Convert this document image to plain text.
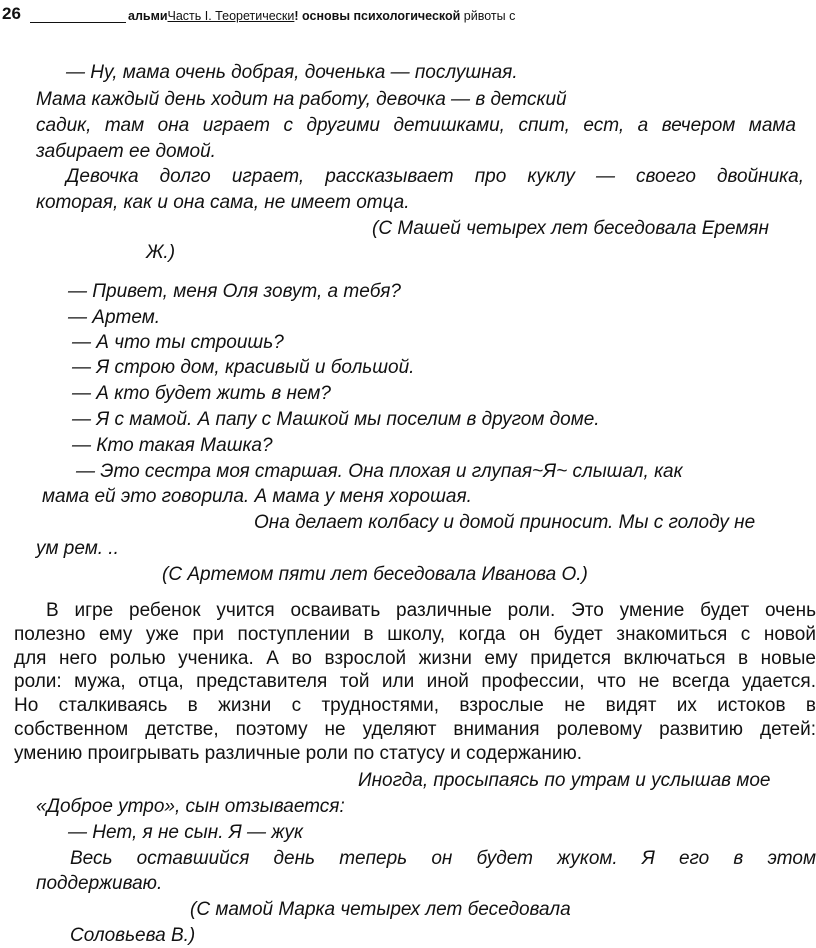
26	альмиЧасть I. Теоретически! основы психологической рйвоты с
— Ну, мама очень добрая, доченька — послушная.
Мама каждый день ходит на работу, девочка — в детский
садик, там она играет с другими детишками, спит, ест, а вечером мама
забирает ее домой.
Девочка долго играет, рассказывает про куклу — своего двойника,
которая, как и она сама, не имеет отца.
(С Машей четырех лет беседовала Еремян
Ж.)
— Привет, меня Оля зовут, а тебя?
— Артем.
— А что ты строишь?
— Я строю дом, красивый и большой.
— А кто будет жить в нем?
— Я с мамой. А папу с Машкой мы поселим в другом доме.
— Кто такая Машка?
— Это сестра моя старшая. Она плохая и глупая~Я~ слышал, как
мама ей это говорила. А мама у меня хорошая.
Она делает колбасу и домой приносит. Мы с голоду не
ум рем. ..
(С Артемом пяти лет беседовала Иванова О.)
В игре ребенок учится осваивать различные роли. Это умение будет очень
полезно ему уже при поступлении в школу, когда он будет знакомиться с новой
для него ролью ученика. А во взрослой жизни ему придется включаться в новые
роли: мужа, отца, представителя той или иной профессии, что не всегда удается.
Но сталкиваясь в жизни с трудностями, взрослые не видят их истоков в
собственном детстве, поэтому не уделяют внимания ролевому развитию детей:
умению проигрывать различные роли по статусу и содержанию.
Иногда, просыпаясь по утрам и услышав мое
«Доброе утро», сын отзывается:
— Нет, я не сын. Я — жук
Весь оставшийся день теперь он будет жуком. Я его в этом
поддерживаю.
(С мамой Марка четырех лет беседовала
Соловьева В.)
